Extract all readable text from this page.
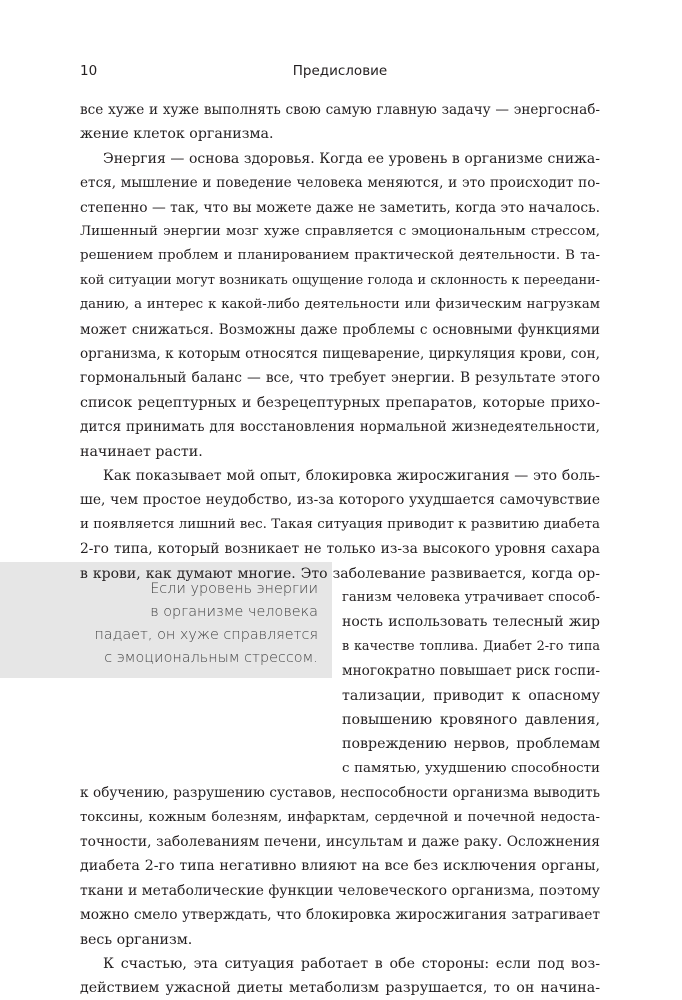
10	Предисловие
Если уровень энергии
в организме человека
падает, он хуже справляется
с эмоциональным стрессом.
все хуже и хуже выполнять свою самую главную задачу — энергоснаб-
жение клеток организма.
Энергия — основа здоровья. Когда ее уровень в организме снижа-
ется, мышление и поведение человека меняются, и это происходит по-
степенно — так, что вы можете даже не заметить, когда это началось.
Лишенный энергии мозг хуже справляется с эмоциональным стрессом,
решением проблем и планированием практической деятельности. В та-
кой ситуации могут возникать ощущение голода и склонность к переедани-
данию, а интерес к какой-либо деятельности или физическим нагрузкам
может снижаться. Возможны даже проблемы с основными функциями
организма, к которым относятся пищеварение, циркуляция крови, сон,
гормональный баланс — все, что требует энергии. В результате этого
список рецептурных и безрецептурных препаратов, которые прихо-
дится принимать для восстановления нормальной жизнедеятельности,
начинает расти.
Как показывает мой опыт, блокировка жиросжигания — это боль-
ше, чем простое неудобство, из-за которого ухудшается самочувствие
и появляется лишний вес. Такая ситуация приводит к развитию диабета
2-го типа, который возникает не только из-за высокого уровня сахара
в крови, как думают многие. Это заболевание развивается, когда ор-
ганизм человека утрачивает способ-
ность использовать телесный жир
в качестве топлива. Диабет 2-го типа
многократно повышает риск госпи-
тализации, приводит к опасному
повышению кровяного давления,
повреждению нервов, проблемам
с памятью, ухудшению способности
к обучению, разрушению суставов, неспособности организма выводить
токсины, кожным болезням, инфарктам, сердечной и почечной недоста-
точности, заболеваниям печени, инсультам и даже раку. Осложнения
диабета 2-го типа негативно влияют на все без исключения органы,
ткани и метаболические функции человеческого организма, поэтому
можно смело утверждать, что блокировка жиросжигания затрагивает
весь организм.
К счастью, эта ситуация работает в обе стороны: если под воз-
действием ужасной диеты метаболизм разрушается, то он начина-
